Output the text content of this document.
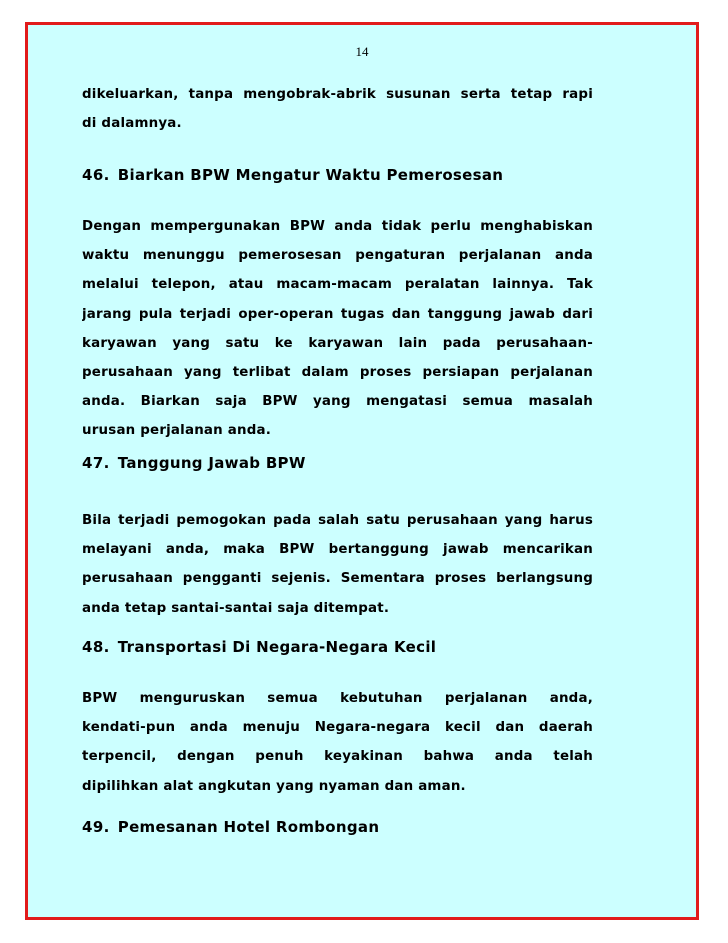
14
dikeluarkan, tanpa mengobrak-abrik susunan serta tetap rapi
di dalamnya.
46. Biarkan BPW Mengatur Waktu Pemerosesan
Dengan mempergunakan BPW anda tidak perlu menghabiskan
waktu menunggu pemerosesan pengaturan perjalanan anda
melalui telepon, atau macam-macam peralatan lainnya. Tak
jarang pula terjadi oper-operan tugas dan tanggung jawab dari
karyawan yang satu ke karyawan lain pada perusahaan-
perusahaan yang terlibat dalam proses persiapan perjalanan
anda. Biarkan saja BPW yang mengatasi semua masalah
urusan perjalanan anda.
47. Tanggung Jawab BPW
Bila terjadi pemogokan pada salah satu perusahaan yang harus
melayani anda, maka BPW bertanggung jawab mencarikan
perusahaan pengganti sejenis. Sementara proses berlangsung
anda tetap santai-santai saja ditempat.
48. Transportasi Di Negara-Negara Kecil
BPW menguruskan semua kebutuhan perjalanan anda,
kendati-pun anda menuju Negara-negara kecil dan daerah
terpencil, dengan penuh keyakinan bahwa anda telah
dipilihkan alat angkutan yang nyaman dan aman.
49. Pemesanan Hotel Rombongan
